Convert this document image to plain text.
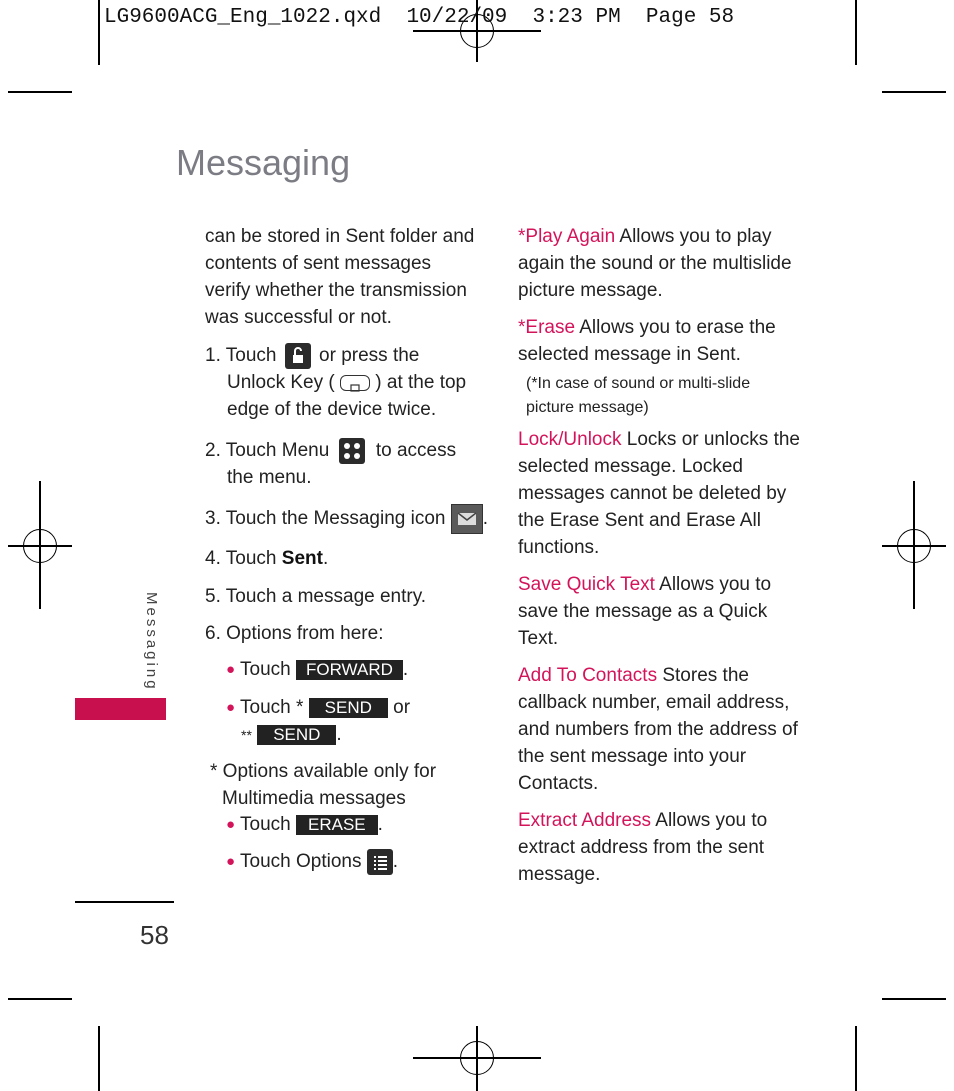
LG9600ACG_Eng_1022.qxd  10/22/09  3:23 PM  Page 58
Messaging
Messaging
58

can be stored in Sent folder and contents of sent messages verify whether the transmission was successful or not.

1. Touch or press the
Unlock Key ( ) at the top
edge of the device twice.
2. Touch Menu to access
the menu.
3. Touch the Messaging icon .
4. Touch Sent.
5. Touch a message entry.
6. Options from here:
● Touch FORWARD .
● Touch * SEND or
** SEND .
* Options available only for
Multimedia messages
● Touch ERASE .
● Touch Options .

*Play Again Allows you to play again the sound or the multislide picture message.

*Erase Allows you to erase the selected message in Sent.

(*In case of sound or multi-slide
picture message)

Lock/Unlock Locks or unlocks the selected message. Locked messages cannot be deleted by the Erase Sent and Erase All functions.

Save Quick Text Allows you to save the message as a Quick Text.

Add To Contacts Stores the callback number, email address, and numbers from the address of the sent message into your Contacts.

Extract Address Allows you to extract address from the sent message.
